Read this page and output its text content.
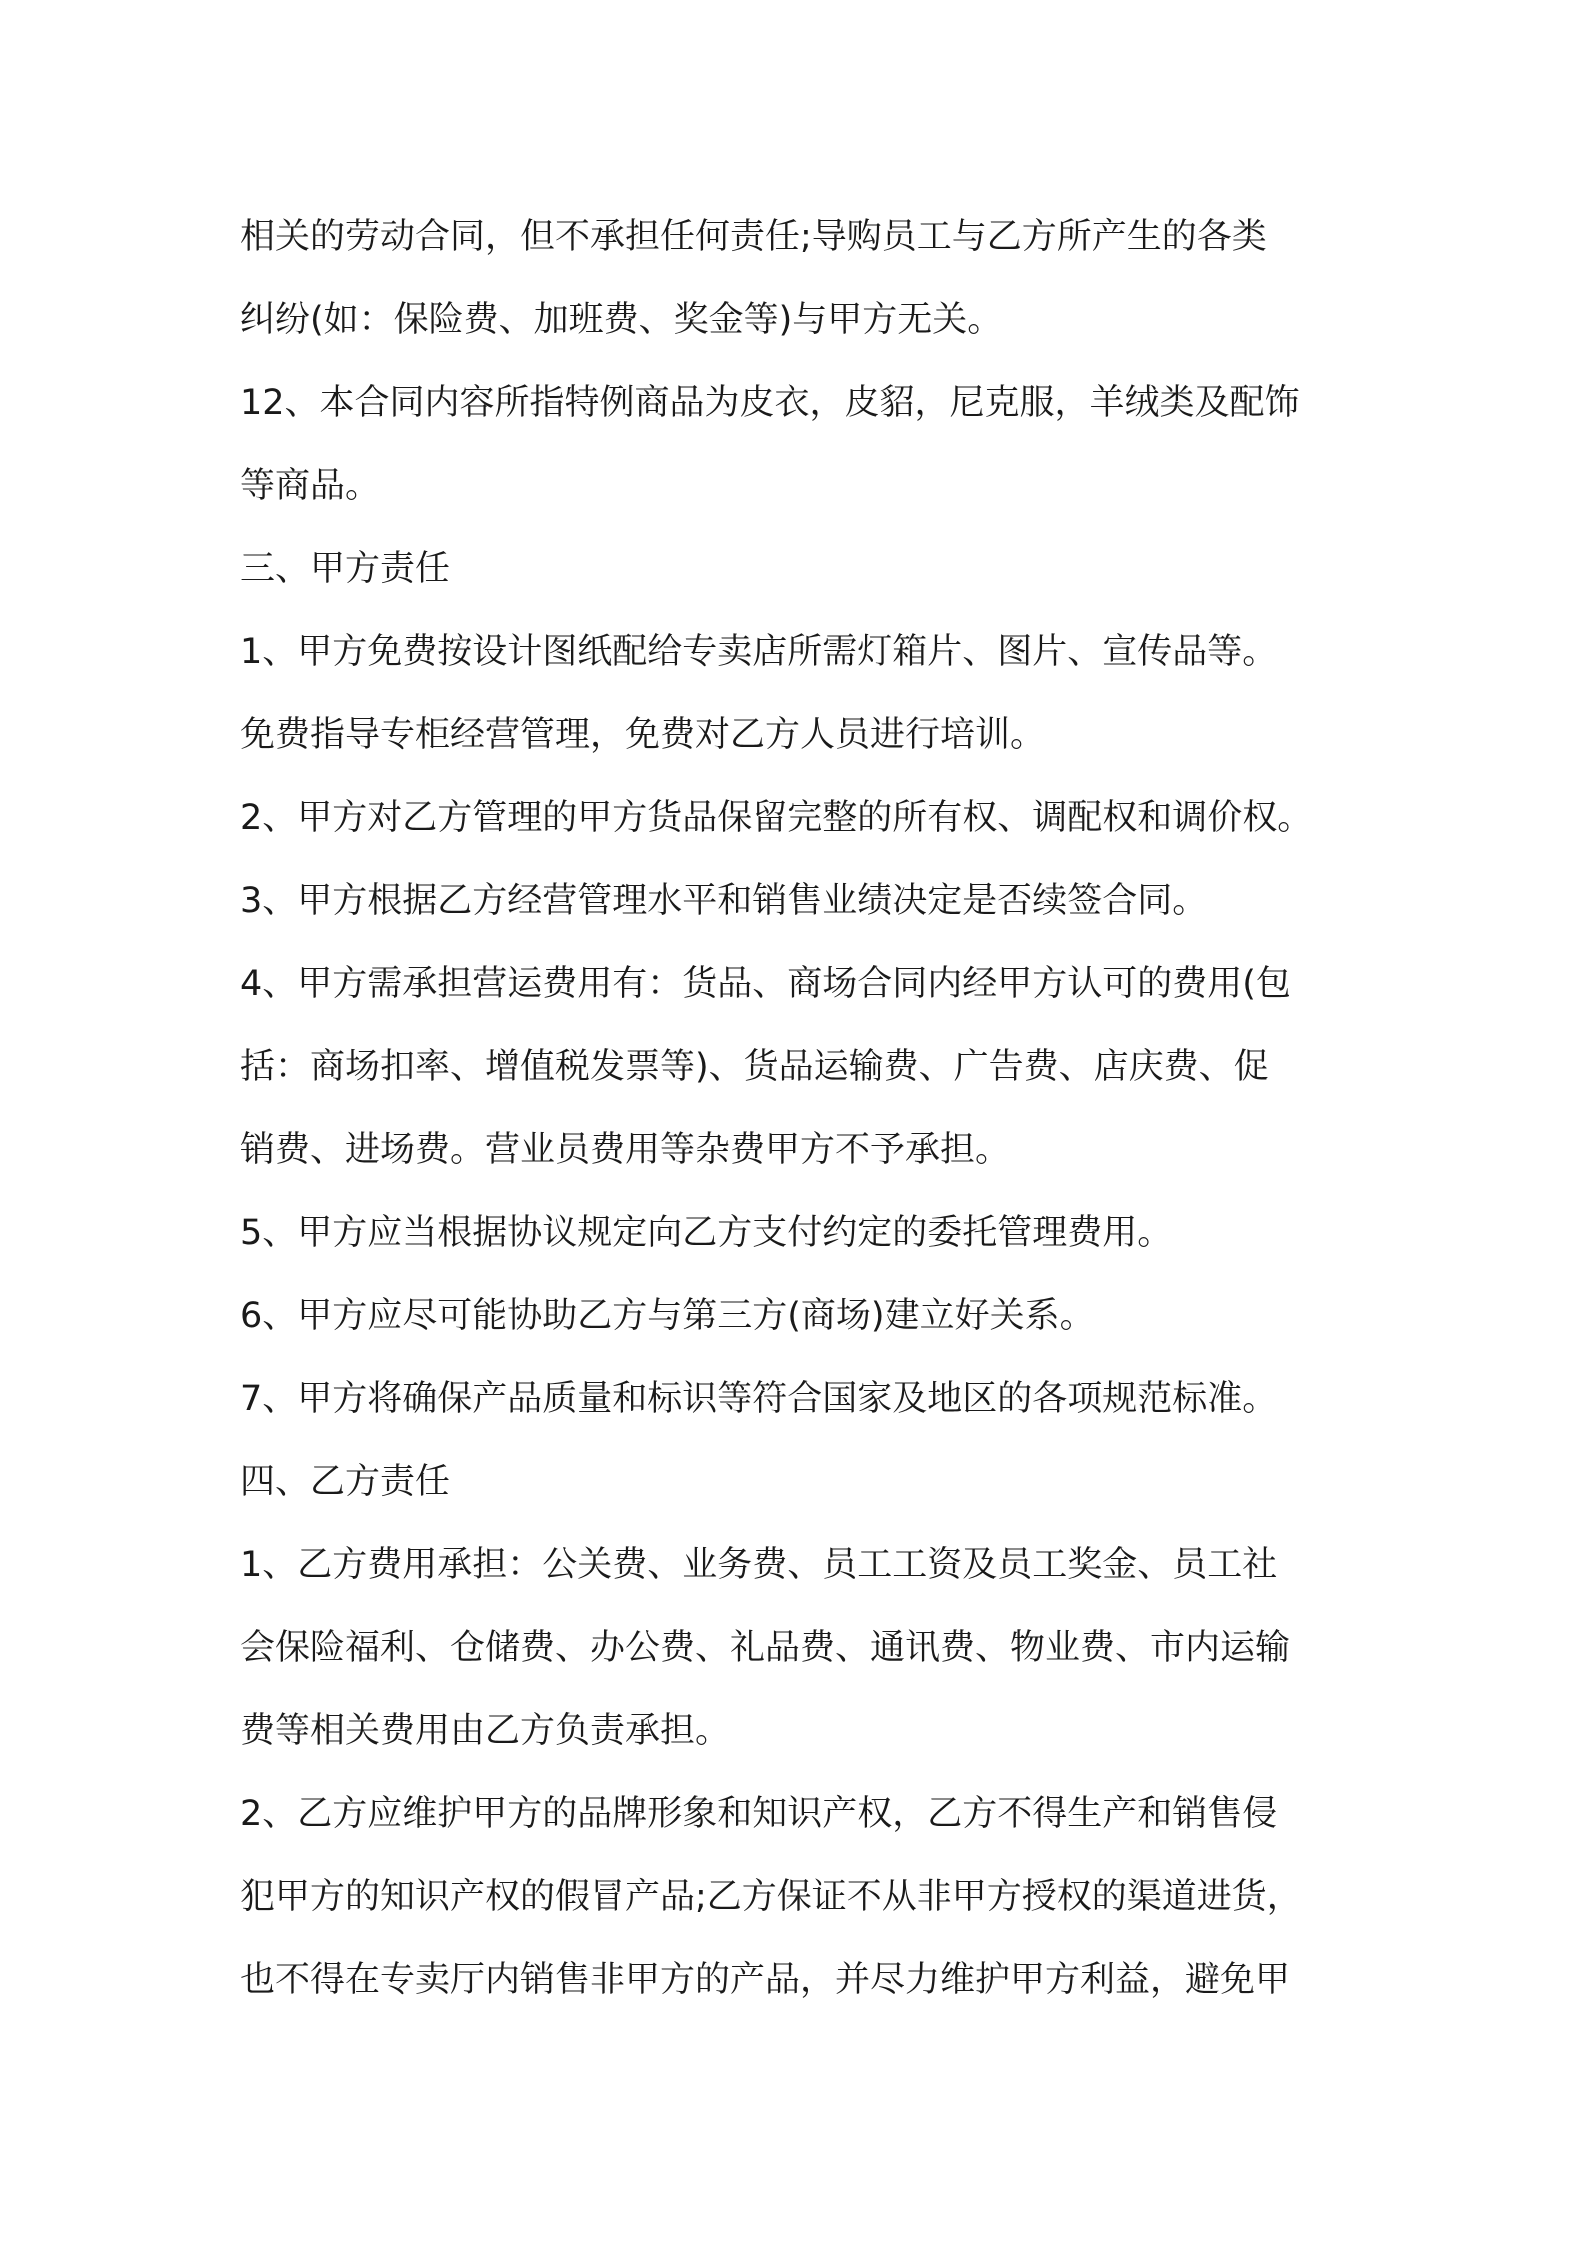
相关的劳动合同，但不承担任何责任;导购员工与乙方所产生的各类
纠纷(如：保险费、加班费、奖金等)与甲方无关。
12、本合同内容所指特例商品为皮衣，皮貂，尼克服，羊绒类及配饰
等商品。
三、甲方责任
1、甲方免费按设计图纸配给专卖店所需灯箱片、图片、宣传品等。
免费指导专柜经营管理，免费对乙方人员进行培训。
2、甲方对乙方管理的甲方货品保留完整的所有权、调配权和调价权。
3、甲方根据乙方经营管理水平和销售业绩决定是否续签合同。
4、甲方需承担营运费用有：货品、商场合同内经甲方认可的费用(包
括：商场扣率、增值税发票等)、货品运输费、广告费、店庆费、促
销费、进场费。营业员费用等杂费甲方不予承担。
5、甲方应当根据协议规定向乙方支付约定的委托管理费用。
6、甲方应尽可能协助乙方与第三方(商场)建立好关系。
7、甲方将确保产品质量和标识等符合国家及地区的各项规范标准。
四、乙方责任
1、乙方费用承担：公关费、业务费、员工工资及员工奖金、员工社
会保险福利、仓储费、办公费、礼品费、通讯费、物业费、市内运输
费等相关费用由乙方负责承担。
2、乙方应维护甲方的品牌形象和知识产权，乙方不得生产和销售侵
犯甲方的知识产权的假冒产品;乙方保证不从非甲方授权的渠道进货，
也不得在专卖厅内销售非甲方的产品，并尽力维护甲方利益，避免甲
